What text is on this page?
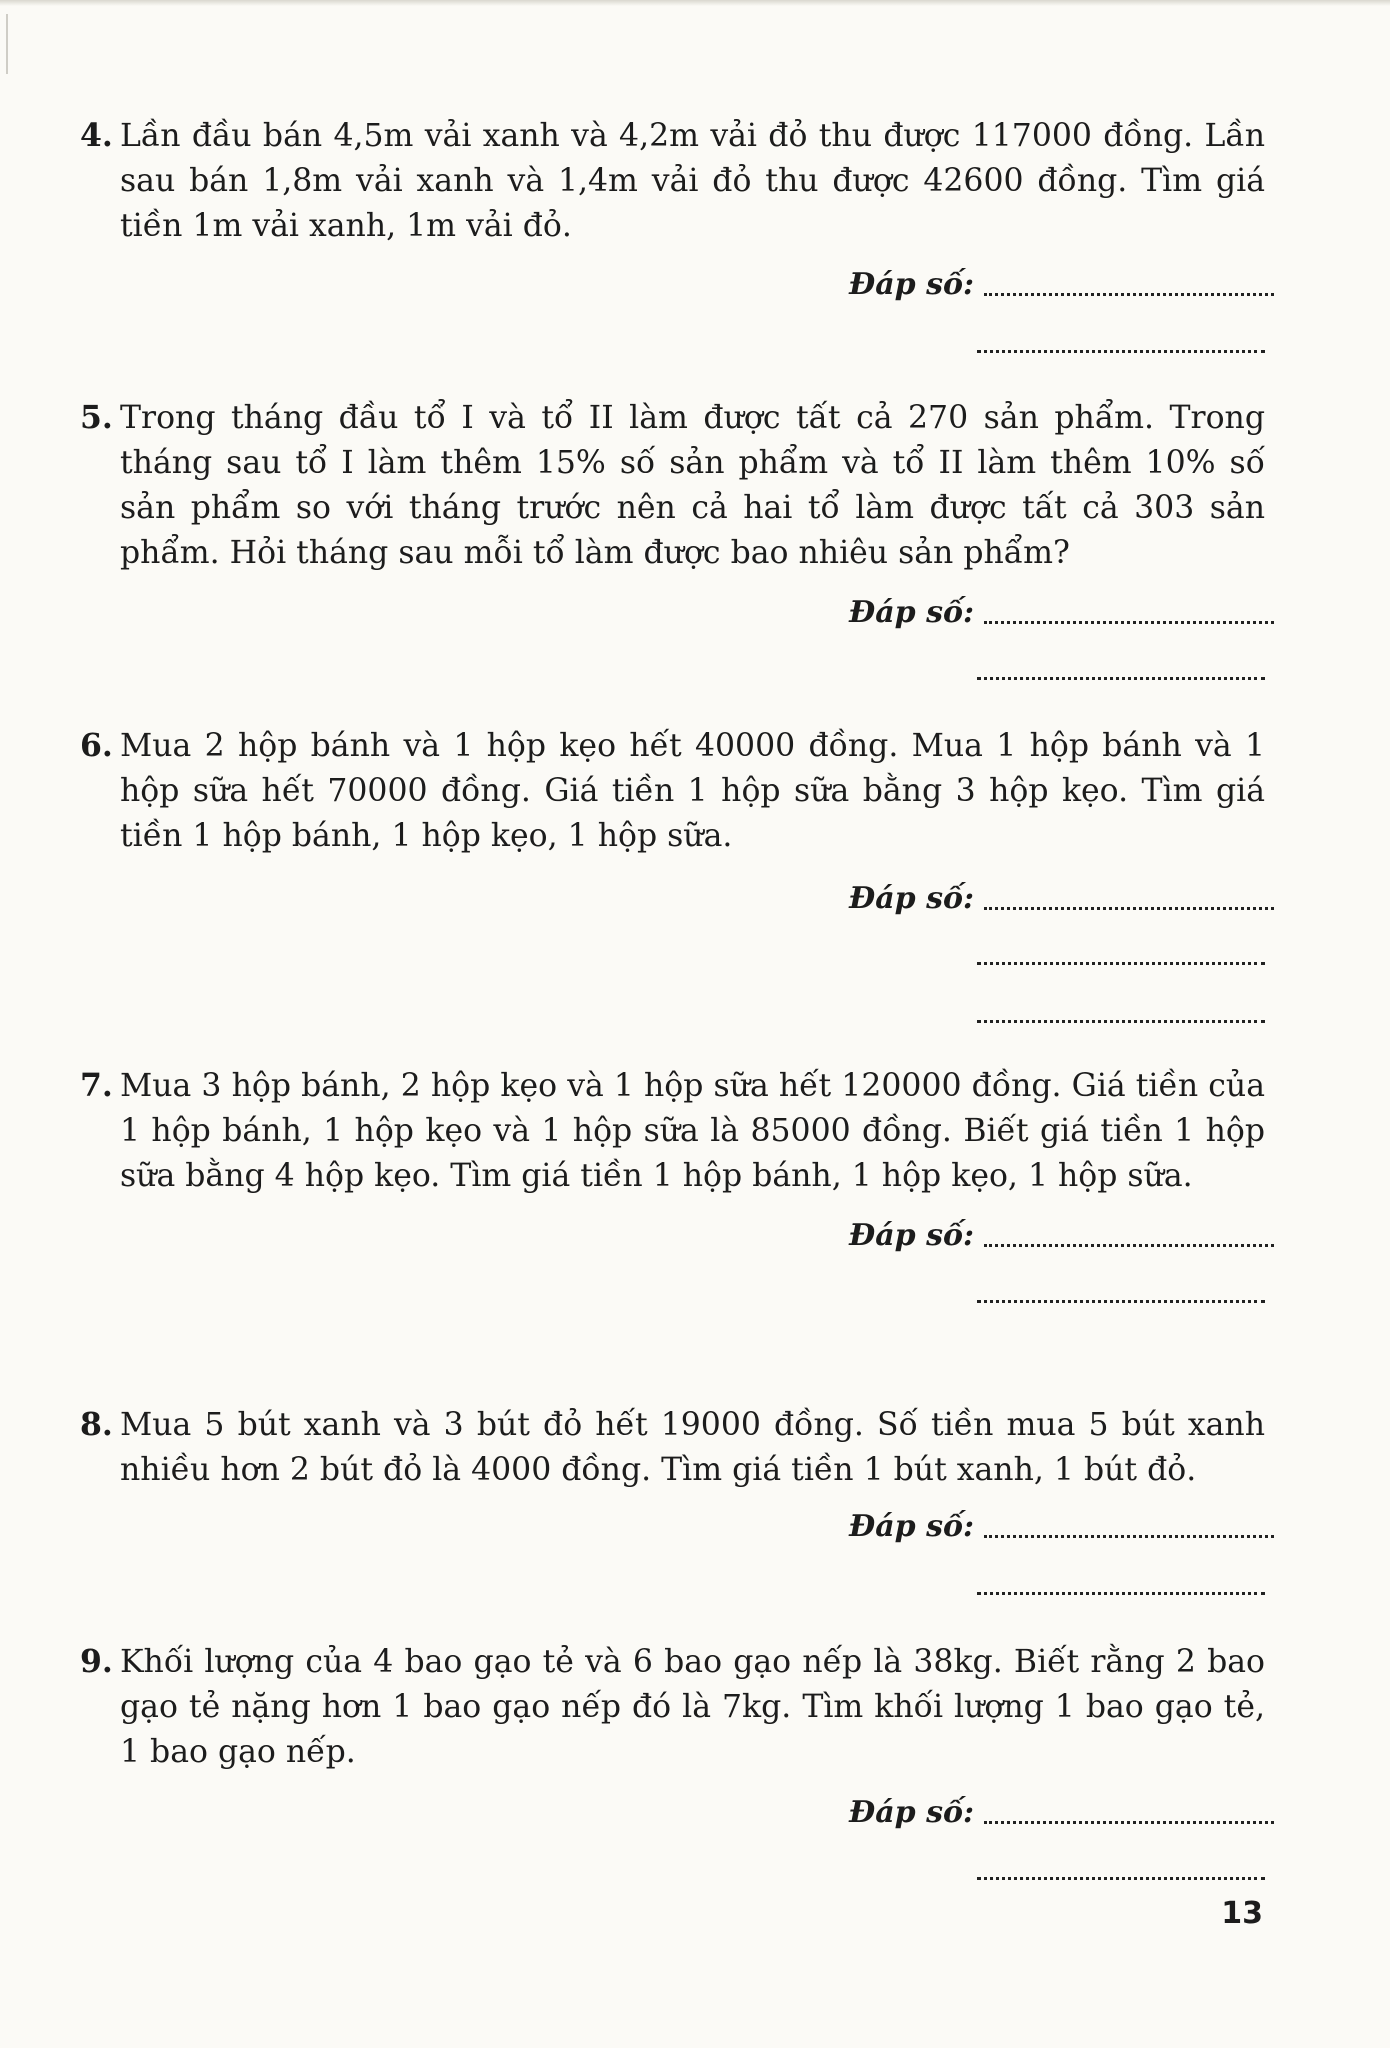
4. Lần đầu bán 4,5m vải xanh và 4,2m vải đỏ thu được 117000 đồng. Lần sau bán 1,8m vải xanh và 1,4m vải đỏ thu được 42600 đồng. Tìm giá tiền 1m vải xanh, 1m vải đỏ.
Đáp số:
5. Trong tháng đầu tổ I và tổ II làm được tất cả 270 sản phẩm. Trong tháng sau tổ I làm thêm 15% số sản phẩm và tổ II làm thêm 10% số sản phẩm so với tháng trước nên cả hai tổ làm được tất cả 303 sản phẩm. Hỏi tháng sau mỗi tổ làm được bao nhiêu sản phẩm?
Đáp số:
6. Mua 2 hộp bánh và 1 hộp kẹo hết 40000 đồng. Mua 1 hộp bánh và 1 hộp sữa hết 70000 đồng. Giá tiền 1 hộp sữa bằng 3 hộp kẹo. Tìm giá tiền 1 hộp bánh, 1 hộp kẹo, 1 hộp sữa.
Đáp số:
7. Mua 3 hộp bánh, 2 hộp kẹo và 1 hộp sữa hết 120000 đồng. Giá tiền của 1 hộp bánh, 1 hộp kẹo và 1 hộp sữa là 85000 đồng. Biết giá tiền 1 hộp sữa bằng 4 hộp kẹo. Tìm giá tiền 1 hộp bánh, 1 hộp kẹo, 1 hộp sữa.
Đáp số:
8. Mua 5 bút xanh và 3 bút đỏ hết 19000 đồng. Số tiền mua 5 bút xanh nhiều hơn 2 bút đỏ là 4000 đồng. Tìm giá tiền 1 bút xanh, 1 bút đỏ.
Đáp số:
9. Khối lượng của 4 bao gạo tẻ và 6 bao gạo nếp là 38kg. Biết rằng 2 bao gạo tẻ nặng hơn 1 bao gạo nếp đó là 7kg. Tìm khối lượng 1 bao gạo tẻ, 1 bao gạo nếp.
Đáp số:
13
